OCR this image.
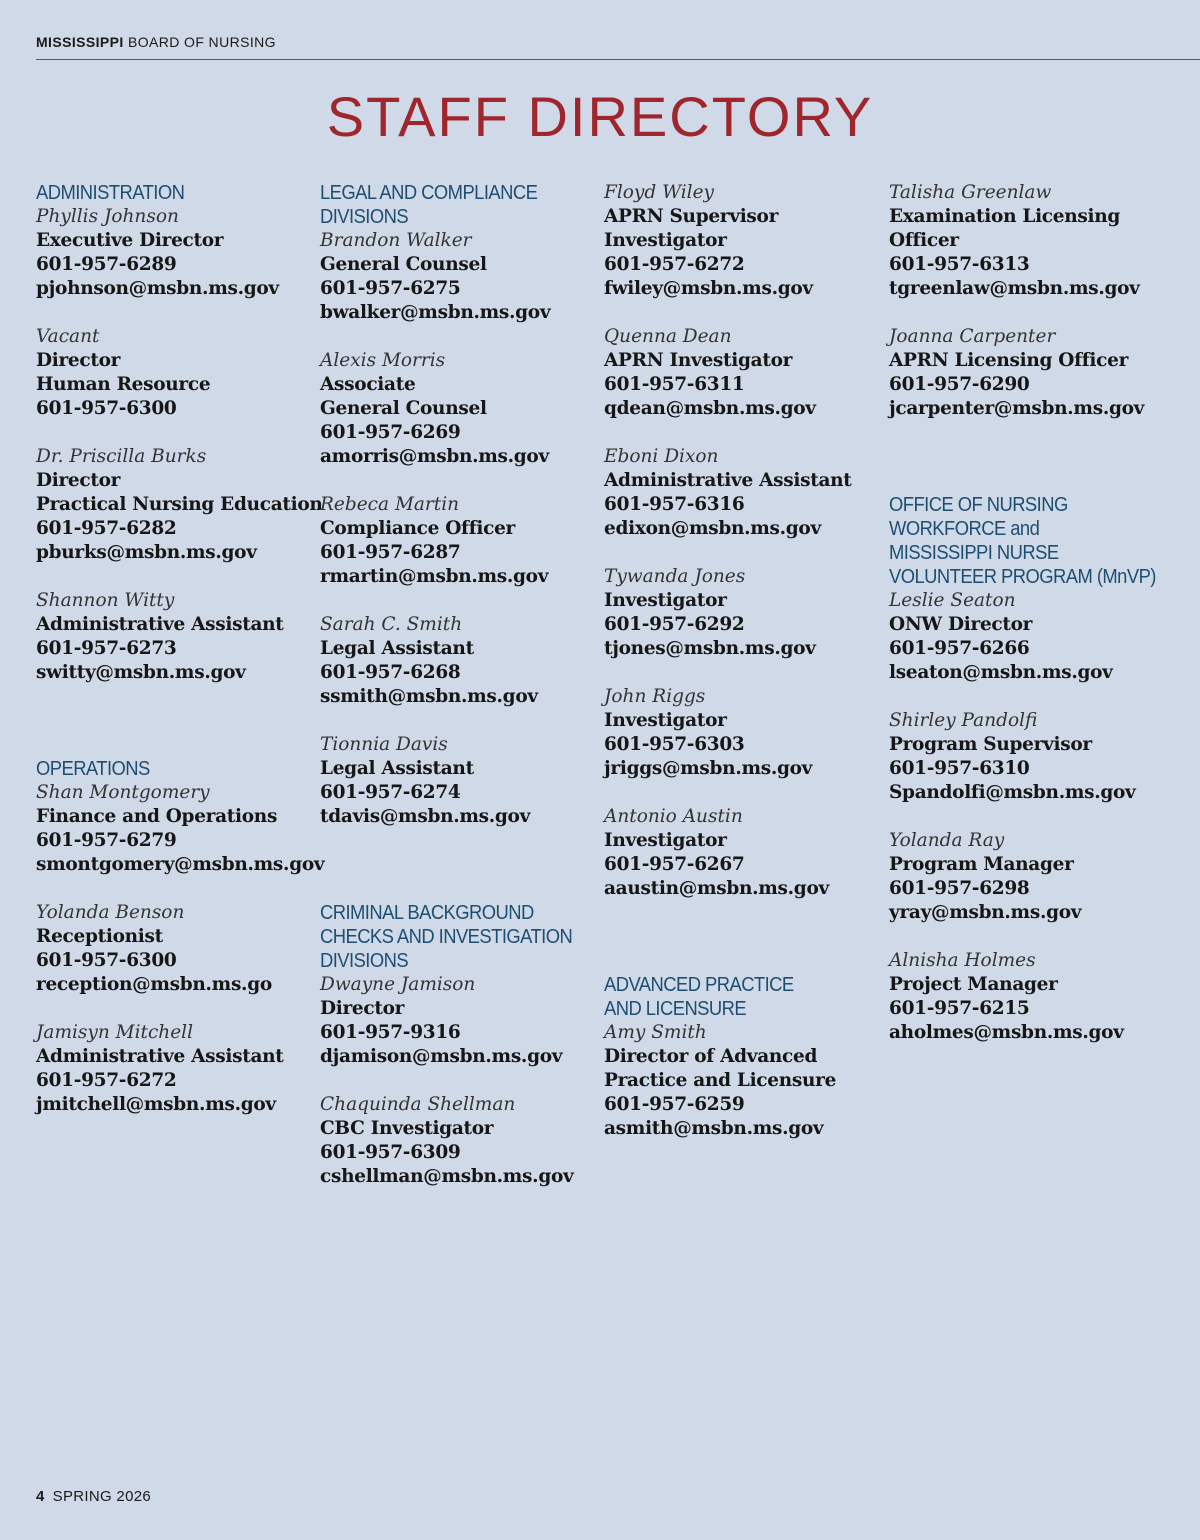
MISSISSIPPI BOARD OF NURSING
STAFF DIRECTORY
ADMINISTRATION
Phyllis Johnson
Executive Director
601-957-6289
pjohnson@msbn.ms.gov
Vacant
Director
Human Resource
601-957-6300
Dr. Priscilla Burks
Director
Practical Nursing Education
601-957-6282
pburks@msbn.ms.gov
Shannon Witty
Administrative Assistant
601-957-6273
switty@msbn.ms.gov
OPERATIONS
Shan Montgomery
Finance and Operations
601-957-6279
smontgomery@msbn.ms.gov
Yolanda Benson
Receptionist
601-957-6300
reception@msbn.ms.go
Jamisyn Mitchell
Administrative Assistant
601-957-6272
jmitchell@msbn.ms.gov
LEGAL AND COMPLIANCE
DIVISIONS
Brandon Walker
General Counsel
601-957-6275
bwalker@msbn.ms.gov
Alexis Morris
Associate
General Counsel
601-957-6269
amorris@msbn.ms.gov
Rebeca Martin
Compliance Officer
601-957-6287
rmartin@msbn.ms.gov
Sarah C. Smith
Legal Assistant
601-957-6268
ssmith@msbn.ms.gov
Tionnia Davis
Legal Assistant
601-957-6274
tdavis@msbn.ms.gov
CRIMINAL BACKGROUND
CHECKS AND INVESTIGATION
DIVISIONS
Dwayne Jamison
Director
601-957-9316
djamison@msbn.ms.gov
Chaquinda Shellman
CBC Investigator
601-957-6309
cshellman@msbn.ms.gov
Floyd Wiley
APRN Supervisor
Investigator
601-957-6272
fwiley@msbn.ms.gov
Quenna Dean
APRN Investigator
601-957-6311
qdean@msbn.ms.gov
Eboni Dixon
Administrative Assistant
601-957-6316
edixon@msbn.ms.gov
Tywanda Jones
Investigator
601-957-6292
tjones@msbn.ms.gov
John Riggs
Investigator
601-957-6303
jriggs@msbn.ms.gov
Antonio Austin
Investigator
601-957-6267
aaustin@msbn.ms.gov
ADVANCED PRACTICE
AND LICENSURE
Amy Smith
Director of Advanced
Practice and Licensure
601-957-6259
asmith@msbn.ms.gov
Talisha Greenlaw
Examination Licensing
Officer
601-957-6313
tgreenlaw@msbn.ms.gov
Joanna Carpenter
APRN Licensing Officer
601-957-6290
jcarpenter@msbn.ms.gov
OFFICE OF NURSING
WORKFORCE and
MISSISSIPPI NURSE
VOLUNTEER PROGRAM (MnVP)
Leslie Seaton
ONW Director
601-957-6266
lseaton@msbn.ms.gov
Shirley Pandolfi
Program Supervisor
601-957-6310
Spandolfi@msbn.ms.gov
Yolanda Ray
Program Manager
601-957-6298
yray@msbn.ms.gov
Alnisha Holmes
Project Manager
601-957-6215
aholmes@msbn.ms.gov
4 SPRING 2026
